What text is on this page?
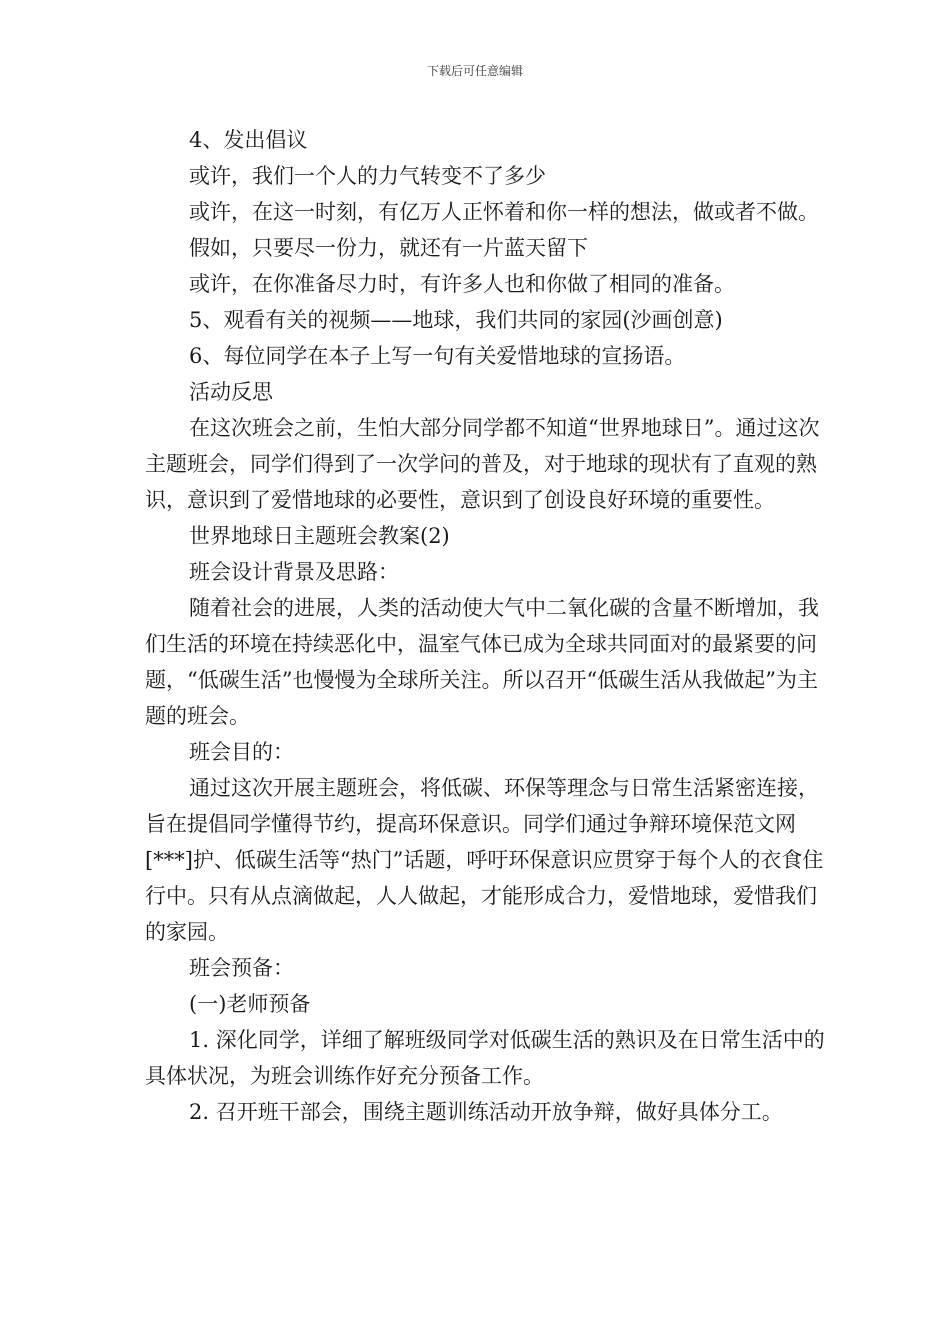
下载后可任意编辑

4、发出倡议

或许，我们一个人的力气转变不了多少

或许，在这一时刻，有亿万人正怀着和你一样的想法，做或者不做。

假如，只要尽一份力，就还有一片蓝天留下

或许，在你准备尽力时，有许多人也和你做了相同的准备。

5、观看有关的视频——地球，我们共同的家园(沙画创意)

6、每位同学在本子上写一句有关爱惜地球的宣扬语。

活动反思

在这次班会之前，生怕大部分同学都不知道“世界地球日”。通过这次主题班会，同学们得到了一次学问的普及，对于地球的现状有了直观的熟识，意识到了爱惜地球的必要性，意识到了创设良好环境的重要性。

世界地球日主题班会教案(2)

班会设计背景及思路：

随着社会的进展，人类的活动使大气中二氧化碳的含量不断增加，我们生活的环境在持续恶化中，温室气体已成为全球共同面对的最紧要的问题，“低碳生活”也慢慢为全球所关注。所以召开“低碳生活从我做起”为主题的班会。

班会目的：

通过这次开展主题班会，将低碳、环保等理念与日常生活紧密连接，旨在提倡同学懂得节约，提高环保意识。同学们通过争辩环境保范文网[***]护、低碳生活等“热门”话题，呼吁环保意识应贯穿于每个人的衣食住行中。只有从点滴做起，人人做起，才能形成合力，爱惜地球，爱惜我们的家园。

班会预备：

(一)老师预备

1. 深化同学，详细了解班级同学对低碳生活的熟识及在日常生活中的具体状况，为班会训练作好充分预备工作。

2. 召开班干部会，围绕主题训练活动开放争辩，做好具体分工。
